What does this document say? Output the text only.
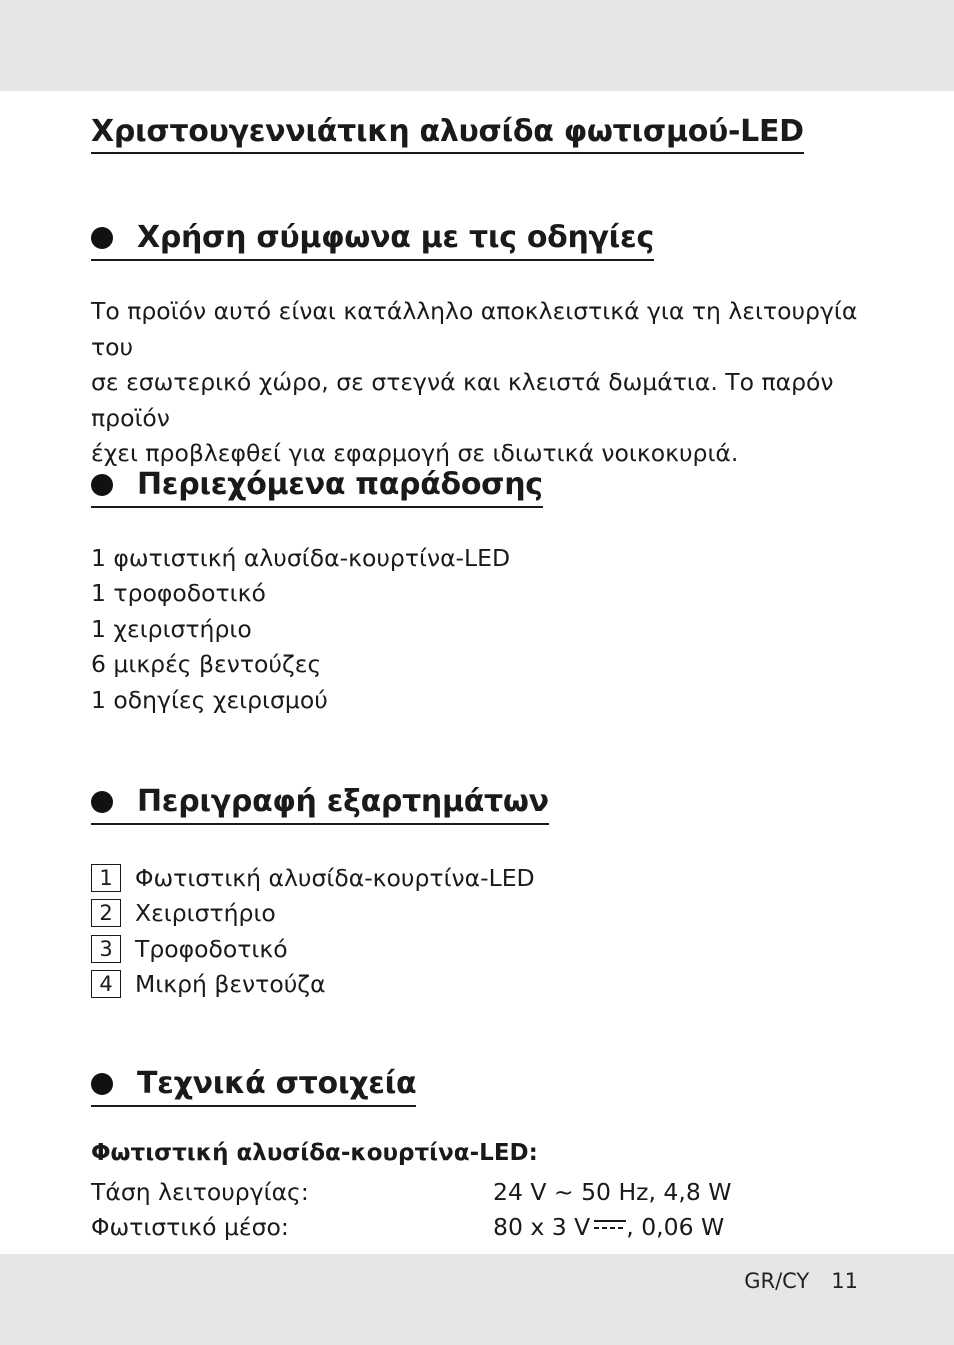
Χριστουγεννιάτικη αλυσίδα φωτισμού-LED
Χρήση σύμφωνα με τις οδηγίες
Το προϊόν αυτό είναι κατάλληλο αποκλειστικά για τη λειτουργία του
σε εσωτερικό χώρο, σε στεγνά και κλειστά δωμάτια. Το παρόν προϊόν
έχει προβλεφθεί για εφαρμογή σε ιδιωτικά νοικοκυριά.
Περιεχόμενα παράδοσης
1 φωτιστική αλυσίδα-κουρτίνα-LED
1 τροφοδοτικό
1 χειριστήριο
6 μικρές βεντούζες
1 οδηγίες χειρισμού
Περιγραφή εξαρτημάτων
1 Φωτιστική αλυσίδα-κουρτίνα-LED
2 Χειριστήριο
3 Τροφοδοτικό
4 Μικρή βεντούζα
Τεχνικά στοιχεία
Φωτιστική αλυσίδα-κουρτίνα-LED:
Τάση λειτουργίας:	24 V ~ 50 Hz, 4,8 W
Φωτιστικό μέσο:	80 x 3 V , 0,06 W
GR/CY 11
